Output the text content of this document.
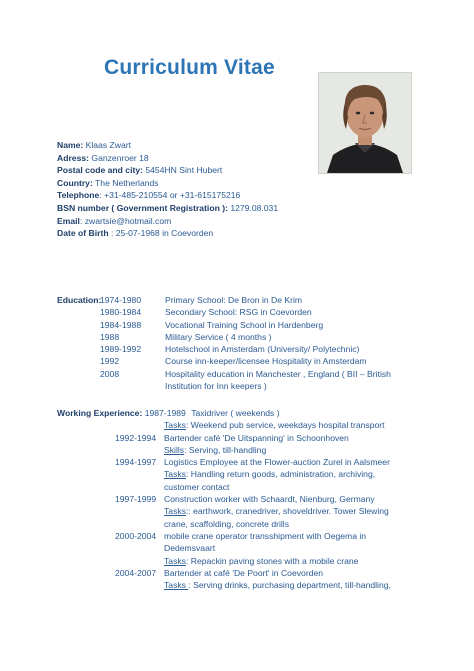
Curriculum Vitae
Name: Klaas Zwart
Adress: Ganzenroer 18
Postal code and city: 5454HN Sint Hubert
Country: The Netherlands
Telephone: +31-485-210554 or +31-615175216
BSN number ( Government Registration ): 1279.08.031
Email: zwartsie@hotmail.com
Date of Birth : 25-07-1968 in Coevorden
Education:
1974-1980	Primary School: De Bron in De Krim
1980-1984	Secondary School: RSG in Coevorden
1984-1988	Vocational Training School in Hardenberg
1988	Military Service ( 4 months )
1989-1992	Hotelschool in Amsterdam (University/ Polytechnic)
1992	Course inn-keeper/licensee Hospitality in Amsterdam
2008	Hospitality education in Manchester , England ( BII – British
Institution for Inn keepers )
Working Experience: 1987-1989 Taxidriver ( weekends )
Tasks: Weekend pub service, weekdays hospital transport
1992-1994 Bartender café 'De Uitspanning' in Schoonhoven
Skills: Serving, till-handling
1994-1997 Logistics Employee at the Flower-auction Zurel in Aalsmeer
Tasks: Handling return goods, administration, archiving,
customer contact
1997-1999 Construction worker with Schaardt, Nienburg, Germany
Tasks:: earthwork, cranedriver, shoveldriver. Tower Slewing
crane, scaffolding, concrete drills
2000-2004 mobile crane operator transshipment with Oegema in
Dedemsvaart
Tasks: Repackin paving stones with a mobile crane
2004-2007 Bartender at café 'De Poort' in Coevorden
Tasks : Serving drinks, purchasing department, till-handling,
